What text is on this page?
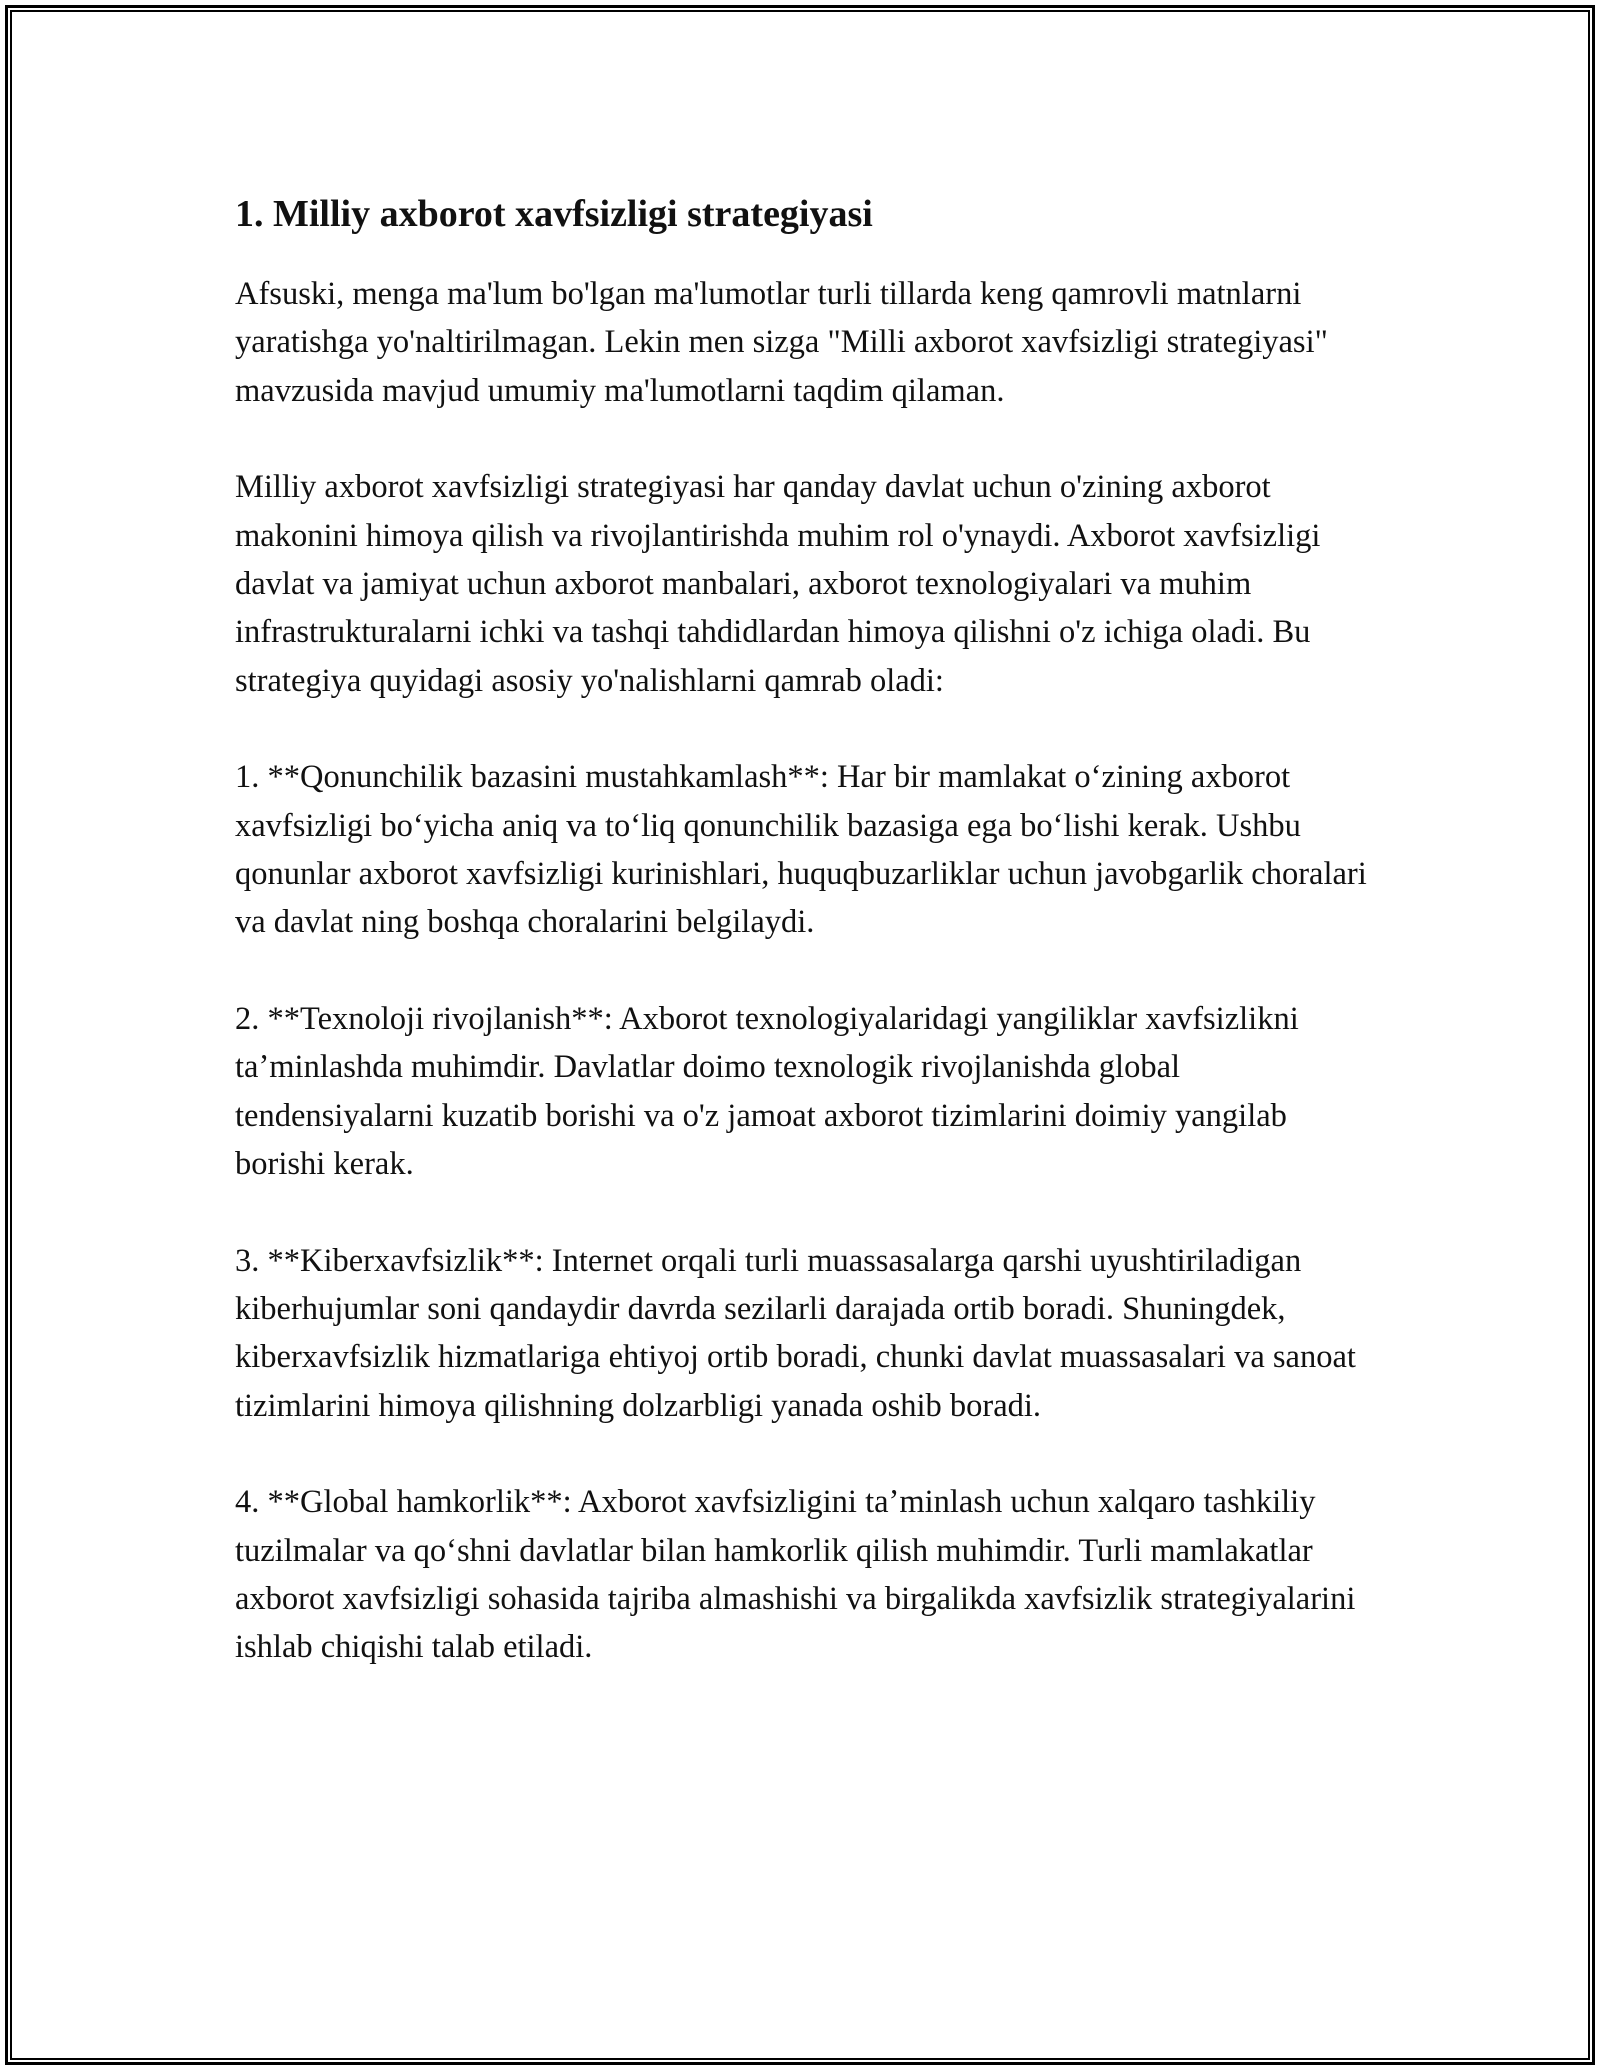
1. Milliy axborot xavfsizligi strategiyasi

Afsuski, menga ma'lum bo'lgan ma'lumotlar turli tillarda keng qamrovli matnlarni yaratishga yo'naltirilmagan. Lekin men sizga "Milli axborot xavfsizligi strategiyasi" mavzusida mavjud umumiy ma'lumotlarni taqdim qilaman.

Milliy axborot xavfsizligi strategiyasi har qanday davlat uchun o'zining axborot makonini himoya qilish va rivojlantirishda muhim rol o'ynaydi. Axborot xavfsizligi davlat va jamiyat uchun axborot manbalari, axborot texnologiyalari va muhim infrastrukturalarni ichki va tashqi tahdidlardan himoya qilishni o'z ichiga oladi. Bu strategiya quyidagi asosiy yo'nalishlarni qamrab oladi:

1. **Qonunchilik bazasini mustahkamlash**: Har bir mamlakat oʻzining axborot xavfsizligi boʻyicha aniq va toʻliq qonunchilik bazasiga ega boʻlishi kerak. Ushbu qonunlar axborot xavfsizligi kurinishlari, huquqbuzarliklar uchun javobgarlik choralari va davlat ning boshqa choralarini belgilaydi.

2. **Texnoloji rivojlanish**: Axborot texnologiyalaridagi yangiliklar xavfsizlikni taʼminlashda muhimdir. Davlatlar doimo texnologik rivojlanishda global tendensiyalarni kuzatib borishi va o'z jamoat axborot tizimlarini doimiy yangilab borishi kerak.

3. **Kiberxavfsizlik**: Internet orqali turli muassasalarga qarshi uyushtiriladigan kiberhujumlar soni qandaydir davrda sezilarli darajada ortib boradi. Shuningdek, kiberxavfsizlik hizmatlariga ehtiyoj ortib boradi, chunki davlat muassasalari va sanoat tizimlarini himoya qilishning dolzarbligi yanada oshib boradi.

4. **Global hamkorlik**: Axborot xavfsizligini taʼminlash uchun xalqaro tashkiliy tuzilmalar va qoʻshni davlatlar bilan hamkorlik qilish muhimdir. Turli mamlakatlar axborot xavfsizligi sohasida tajriba almashishi va birgalikda xavfsizlik strategiyalarini ishlab chiqishi talab etiladi.
